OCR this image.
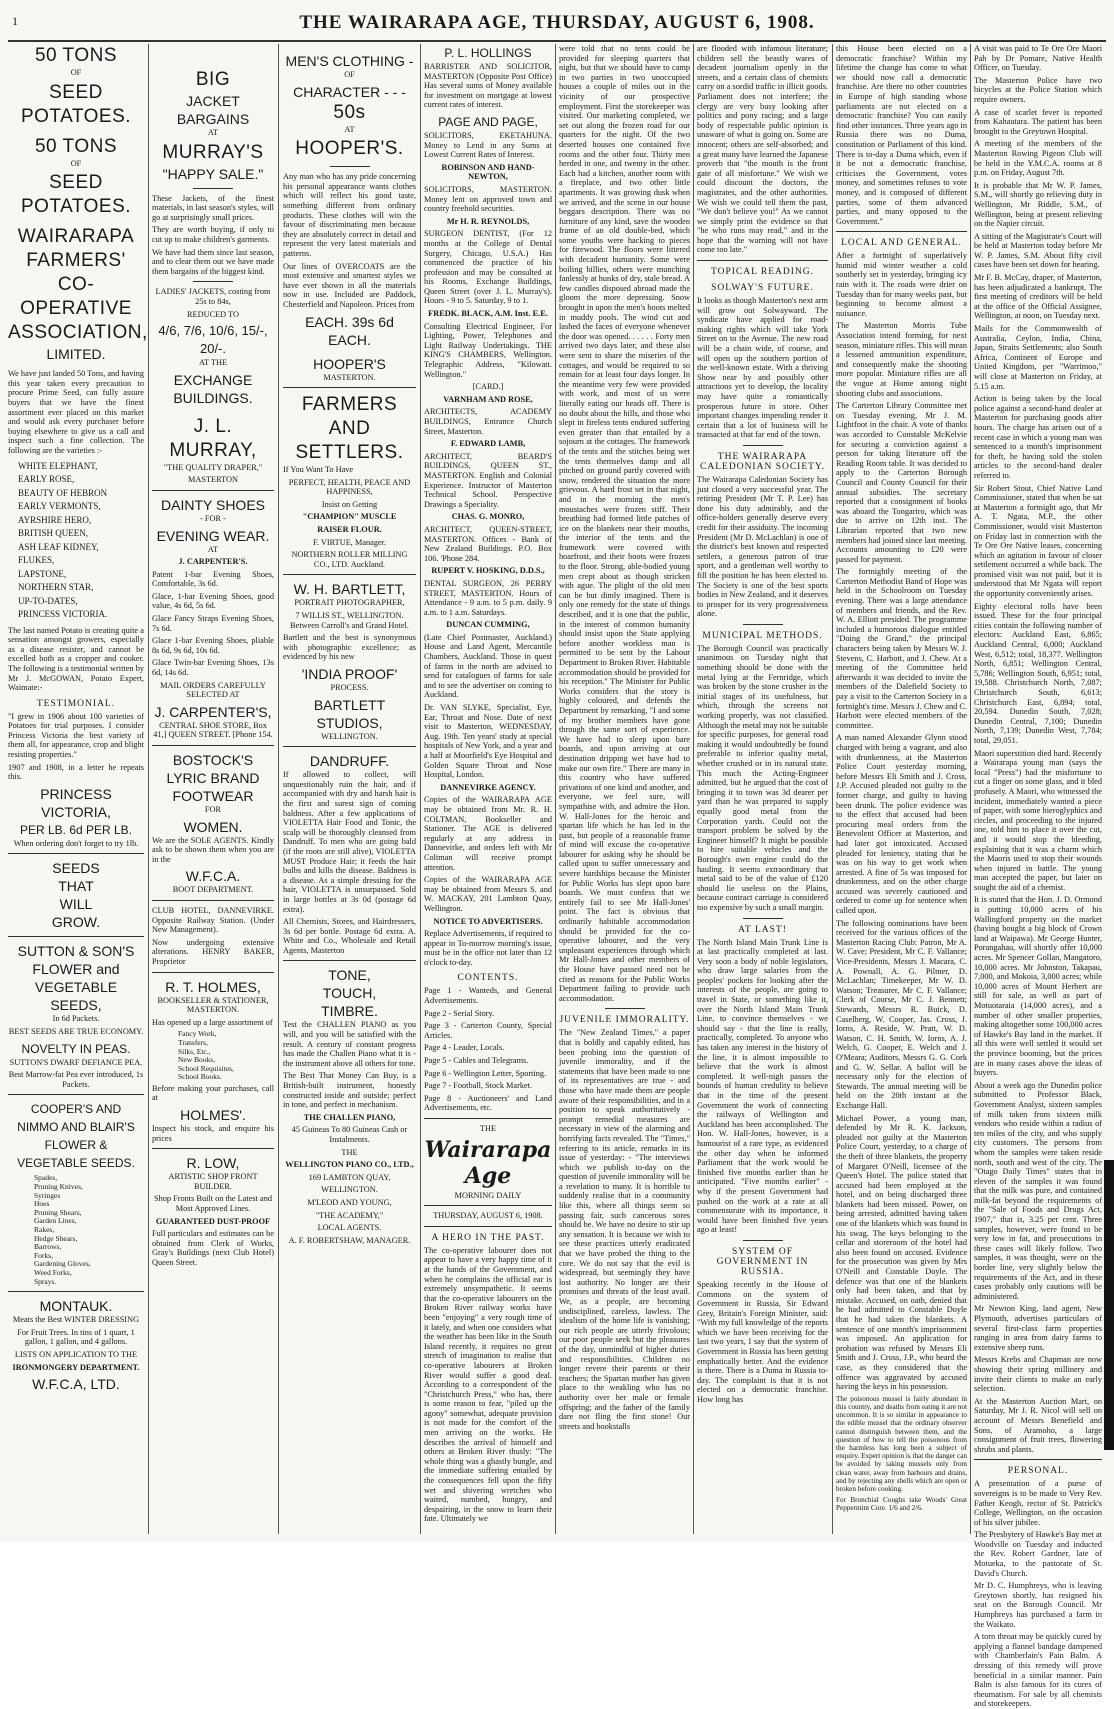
1	THE WAIRARAPA AGE, THURSDAY, AUGUST 6, 1908.

50 TONS

OF

SEED POTATOES.

50 TONS

OF

SEED POTATOES.

WAIRARAPA

FARMERS'

CO-OPERATIVE

ASSOCIATION,

LIMITED.

We have just landed 50 Tons, and having this year taken every precaution to procure Prime Seed, can fully assure buyers that we have the finest assortment ever placed on this market and would ask every purchaser before buying elsewhere to give us a call and inspect such a fine collection. The following are the varieties :-

WHITE ELEPHANT,
EARLY ROSE,
BEAUTY OF HEBRON
EARLY VERMONTS,
AYRSHIRE HERO,
BRITISH QUEEN,
ASH LEAF KIDNEY,
FLUKES,
LAPSTONE,
NORTHERN STAR,
UP-TO-DATES,
PRINCESS VICTORIA.

The last named Potato is creating quite a sensation amongst growers, especially as a disease resister, and cannot be excelled both as a cropper and cooker. The following is a testimonial written by Mr J. McGOWAN, Potato Expert, Waimate:-

TESTIMONIAL.

"I grew in 1906 about 100 varieties of Potatoes for trial purposes. I consider Princess Victoria the best variety of them all, for appearance, crop and blight resisting properties."

1907 and 1908, in a letter he repeats this.

PRINCESS VICTORIA,

PER LB. 6d PER LB.

When ordering don't forget to try 1lb.

SEEDS

THAT

WILL

GROW.

SUTTON & SON'S

FLOWER and

VEGETABLE SEEDS,

In 6d Packets.

BEST SEEDS ARE TRUE ECONOMY.

NOVELTY IN PEAS.

SUTTON'S DWARF DEFIANCE PEA.

Best Marrow-fat Pea ever introduced, 1s Packets.

COOPER'S AND

NIMMO AND BLAIR'S

FLOWER &

VEGETABLE SEEDS.

Spades,
Pruning Knives,
Syringes
Hoes
Pruning Shears,
Garden Lines,
Rakes,
Hedge Shears,
Barrows,
Forks,
Gardening Gloves,
Weed Forks,
Sprays.

MONTAUK.

Meats the Best WINTER DRESSING

For Fruit Trees. In tins of 1 quart, 1 gallon, 1 gallon, and 4 gallons.

LISTS ON APPLICATION TO THE

IRONMONGERY DEPARTMENT.

W.F.C.A, LTD.

BIG

JACKET BARGAINS

AT

MURRAY'S

"HAPPY SALE."

These Jackets, of the finest materials, in last season's styles, will go at surprisingly small prices.

They are worth buying, if only to cut up to make children's garments.

We have had them since last season, and to clear them out we have made them bargains of the biggest kind.

LADIES' JACKETS, costing from 25s to 84s,

REDUCED TO

4/6, 7/6, 10/6, 15/-, 20/-.

AT THE

EXCHANGE

BUILDINGS.

J. L. MURRAY,

"THE QUALITY DRAPER,"

MASTERTON

DAINTY SHOES

- FOR -

EVENING WEAR.

AT

J. CARPENTER'S.

Patent 1-bar Evening Shoes, Comfortable, 3s 6d.

Glace, 1-bar Evening Shoes, good value, 4s 6d, 5s 6d.

Glace Fancy Straps Evening Shoes, 7s 6d.

Glace 1-bar Evening Shoes, pliable 8s 6d, 9s 6d, 10s 6d.

Glace Twin-bar Evening Shoes, 13s 6d, 14s 6d.

MAIL ORDERS CAREFULLY SELECTED AT

J. CARPENTER'S,

CENTRAL SHOE STORE, Box 41,] QUEEN STREET. [Phone 154.

BOSTOCK'S

LYRIC BRAND

FOOTWEAR

FOR

WOMEN.

We are the SOLE AGENTS. Kindly ask to be shown them when you are in the

W.F.C.A.

BOOT DEPARTMENT.

CLUB HOTEL, DANNEVIRKE. Opposite Railway Station. (Under New Management).

Now undergoing extensive alterations. HENRY BAKER, Proprietor

R. T. HOLMES,

BOOKSELLER & STATIONER, MASTERTON.

Has opened up a large assortment of

Fancy Work,
Transfers,
Silks, Etc.,
New Books,
School Requisites,
School Books.

Before making your purchases, call at

HOLMES'.

Inspect his stock, and enquire his prices

R. LOW,

ARTISTIC SHOP FRONT BUILDER.

Shop Fronts Built on the Latest and Most Approved Lines.

GUARANTEED DUST-PROOF

Full particulars and estimates can be obtained from Clerk of Works, Gray's Buildings (next Club Hotel) Queen Street.

MEN'S CLOTHING -

OF

CHARACTER - - -

50s

AT

HOOPER'S.

Any man who has any pride concerning his personal appearance wants clothes which will reflect his good taste, something different from ordinary products. These clothes will win the favour of discriminating men because they are absolutely correct in detail and represent the very latest materials and patterns.

Our lines of OVERCOATS are the most extensive and smartest styles we have ever shown in all the materials now in use. Included are Paddock, Chesterfield and Napoleon. Prices from

EACH. 39s 6d EACH.

HOOPER'S

MASTERTON.

FARMERS AND

SETTLERS.

If You Want To Have

PERFECT, HEALTH, PEACE AND HAPPINESS,

Insist on Getting

"CHAMPION" MUSCLE

RAISER FLOUR.

F. VIRTUE, Manager.

NORTHERN ROLLER MILLING CO., LTD. Auckland.

W. H. BARTLETT,

PORTRAIT PHOTOGRAPHER,

7 WILLIS ST., WELLINGTON. Between Carroll's and Grand Hotel.

Bartlett and the best is synonymous with photographic excellence; as evidenced by his new

'INDIA PROOF'

PROCESS.

BARTLETT

STUDIOS,

WELLINGTON.

DANDRUFF.

If allowed to collect, will unquestionably ruin the hair, and if accompanied with dry and harsh hair is the first and surest sign of coming baldness. After a few applications of VIOLETTA Hair Food and Tonic, the scalp will be thoroughly cleansed from Dandruff. To men who are going bald (if the roots are still alive), VIOLETTA MUST Produce Hair; it feeds the hair bulbs and kills the disease. Baldness is a disease. As a simple dressing for the hair, VIOLETTA is unsurpassed. Sold in large bottles at 3s 0d (postage 6d extra).

All Chemists, Stores, and Hairdressers, 3s 6d per bottle. Postage 6d extra. A. White and Co., Wholesale and Retail Agents, Masterton

TONE,

TOUCH,

TIMBRE.

Test the CHALLEN PIANO as you will, and you will be satisfied with the result. A century of constant progress has made the Challen Piano what it is - the instrument above all others for tone.

The Best That Money Can Buy, is a British-built instrument, honestly constructed inside and outside; perfect in tone, and perfect in mechanism.

THE CHALLEN PIANO,

45 Guineas To 80 Guineas Cash or Instalments.

THE

WELLINGTON PIANO CO., LTD.,

169 LAMBTON QUAY,

WELLINGTON.

M'LEOD AND YOUNG,

"THE ACADEMY,"

LOCAL AGENTS.

A. F. ROBERTSHAW, MANAGER.

P. L. HOLLINGS

BARRISTER AND SOLICITOR, MASTERTON (Opposite Post Office) Has several sums of Money available for investment on mortgage at lowest current rates of interest.

PAGE AND PAGE,

SOLICITORS, EKETAHUNA. Money to Lend in any Sums at Lowest Current Rates of Interest.

ROBINSON AND HAND-NEWTON,

SOLICITORS, MASTERTON. Money lent on approved town and country freehold securities.

Mr H. R. REYNOLDS,

SURGEON DENTIST, (For 12 months at the College of Dental Surgery, Chicago, U.S.A.) Has commenced the practice of his profession and may be consulted at his Rooms, Exchange Buildings, Queen Street (over J. L. Murray's). Hours - 9 to 5. Saturday, 9 to 1.

FREDK. BLACK, A.M. Inst. E.E.

Consulting Electrical Engineer, For Lighting, Power, Telephones and Light Railway Undertakings. THE KING'S CHAMBERS, Wellington. Telegraphic Address, "Kilowatt. Wellington."

[CARD.]

VARNHAM AND ROSE,

ARCHITECTS, ACADEMY BUILDINGS, Entrance Church Street, Masterton.

F. EDWARD LAMB,

ARCHITECT, BEARD'S BUILDINGS, QUEEN ST., MASTERTON. English and Colonial Experience. Instructor of Masterton Technical School. Perspective Drawings a Speciality.

CHAS. G. MONRO,

ARCHITECT, QUEEN-STREET, MASTERTON. Offices - Bank of New Zealand Buildings. P.O. Box 106. 'Phone 284.

RUPERT V. HOSKING, D.D.S.,

DENTAL SURGEON, 26 PERRY STREET, MASTERTON. Hours of Attendance - 9 a.m. to 5 p.m. daily. 9 a.m. to 1 a.m. Saturdays.

DUNCAN CUMMING,

(Late Chief Postmaster, Auckland.) House and Land Agent, Mercantile Chambers, Auckland. Those in quest of farms in the north are advised to send for catalogues of farms for sale and to see the advertiser on coming to Auckland.

Dr. VAN SLYKE, Specialist, Eye, Ear, Throat and Nose. Date of next visit to Masterton, WEDNESDAY, Aug. 19th. Ten years' study at special hospitals of New York, and a year and a half at Moorfield's Eye Hospital and Golden Square Throat and Nose Hospital, London.

DANNEVIRKE AGENCY.

Copies of the WAIRARAPA AGE may be obtained from Mr. R. H. COLTMAN, Bookseller and Stationer. The AGE is delivered regularly at any address in Dannevirke, and orders left with Mr Coltman will receive prompt attention.

Copies of the WAIRARAPA AGE may be obtained from Messrs S. and W. MACKAY, 201 Lambton Quay, Wellington.

NOTICE TO ADVERTISERS.

Replace Advertisements, if required to appear in To-morrow morning's issue, must be in the office not later than 12 o'clock to-day.

CONTENTS.

Page 1 - Wanteds, and General Advertisements.

Page 2 - Serial Story.

Page 3 - Carterton County, Special Articles.

Page 4 - Leader, Locals.

Page 5 - Cables and Telegrams.

Page 6 - Wellington Letter, Sporting.

Page 7 - Football, Stock Market.

Page 8 - Auctioneers' and Land Advertisements, etc.

THE

Wairarapa Age

MORNING DAILY

THURSDAY, AUGUST 6, 1908.

A HERO IN THE PAST.

The co-operative labourer does not appear to have a very happy time of it at the hands of the Government, and when he complains the official ear is extremely unsympathetic. It seems that the co-operative labourers on the Broken River railway works have been "enjoying" a very rough time of it lately, and when one considers what the weather has been like in the South Island recently, it requires no great stretch of imagination to realise that co-operative labourers at Broken River would suffer a good deal. According to a correspondent of the "Christchurch Press," who has, there is some reason to fear, "piled up the agony" somewhat, adequate provision is not made for the comfort of the men arriving on the works. He describes the arrival of himself and others at Broken River thusly: "The whole thing was a ghastly bungle, and the immediate suffering entailed by the consequences fell upon the fifty wet and shivering wretches who waited, numbed, hungry, and despairing, in the snow to learn their fate. Ultimately we

were told that no tents could be provided for sleeping quarters that night, but that we should have to camp in two parties in two unoccupied houses a couple of miles out in the vicinity of our prospective employment. First the storekeeper was visited. Our marketing completed, we set out along the frozen road for our quarters for the night. Of the two deserted houses one contained five rooms and the other four. Thirty men herded in one, and twenty in the other. Each had a kitchen, another room with a fireplace, and two other little apartments. It was growing dusk when we arrived, and the scene in our house beggars description. There was no furniture of any kind, save the wooden frame of an old double-bed, which some youths were hacking to pieces for firewood. The floors were littered with decadent humanity. Some were boiling billies, others were munching fanlessly at hunks of dry, stale bread. A few candles disposed abroad made the gloom the more depressing. Snow brought in upon the men's boots melted in muddy pools. The wind cut and lashed the faces of everyone whenever the door was opened. . . . . . Forty men arrived two days later, and these also were sent to share the miseries of the cottages, and would be required to so remain for at least four days longer. In the meantime very few were provided with work, and most of us were literally eating our heads off. There is no doubt about the hills, and those who slept in fireless tents endured suffering even greater than that entailed by a sojourn at the cottages. The framework of the tents and the stitches being wet the tents themselves damp and all pitched on ground partly covered with snow, rendered the situation the more grievous. A hard frost set in that night, and in the morning the men's moustaches were frozen stiff. Their breathing had formed little patches of ice on the blankets near their mouths, the interior of the tents and the framework were covered with hoarfrost, and their boots were frozen to the floor. Strong, able-bodied young men crept about as though stricken with ague. The plight of the old men can be but dimly imagined. There is only one remedy for the state of things described, and it is one that the public, in the interest of common humanity should insist upon the State applying before another workless man is permitted to be sent by the Labour Department to Broken River. Habitable accommodation should be provided for his reception." The Minister for Public Works considers that the story is highly coloured, and defends the Department by remarking, "I and some of my brother members have gone through the same sort of experience. We have had to sleep upon bare boards, and upon arriving at our destination dripping wet have had to make our own fire." There are many in this country who have suffered privations of one kind and another, and everyone, we feel sure, will sympathise with, and admire the Hon. W. Hall-Jones for the heroic and spartan life which he has led in the past, but people of a reasonable frame of mind will excuse the co-operative labourer for asking why he should be called upon to suffer unnecessary and severe hardships because the Minister for Public Works has slept upon bare boards. We must confess that we entirely fail to see Mr Hall-Jones' point. The fact is obvious that ordinarily habitable accommodation should be provided for the co-operative labourer, and the very unpleasant experiences through which Mr Hall-Jones and other members of the House have passed need not be cited as reasons for the Public Works Department failing to provide such accommodation.

JUVENILE IMMORALITY.

The "New Zealand Times," a paper that is boldly and capably edited, has been probing into the question of juvenile immorality, and if the statements that have been made to one of its representatives are true - and those who have made them are people aware of their responsibilities, and in a position to speak authoritatively - prompt remedial measures are necessary in view of the alarming and horrifying facts revealed. The "Times," referring to its article, remarks in its issue of yesterday: - "The interviews which we publish to-day on the question of juvenile immorality will be a revelation to many. It is horrible to suddenly realise that in a community like this, where all things seem so passing fair, such cancerous sores should be. We have no desire to stir up any sensation. It is because we wish to see these practices utterly eradicated that we have probed the thing to the core. We do not say that the evil is widespread, but seemingly they have lost authority. No longer are their promises and threats of the least avail. We, as a people, are becoming undisciplined, careless, lawless. The idealism of the home life is vanishing; our rich people are utterly frivolous; our poor people seek but the pleasures of the day, unmindful of higher duties and responsibilities. Children no longer revere their parents or their teachers; the Spartan mother has given place to the weakling who has no authority over her male or female offspring; and the father of the family dare not fling the first stone! Our streets and bookstalls

are flooded with infamous literature; children sell the beastly wares of decadent journalism openly in the streets, and a certain class of chemists carry on a sordid traffic in illicit goods. Parliament does not interfere; the clergy are very busy looking after politics and pony racing; and a large body of respectable public opinion is unaware of what is going on. Some are innocent; others are self-absorbed; and a great many have learned the Japanese proverb that "the mouth is the front gate of all misfortune." We wish we could discount the doctors, the magistrates, and the other authorities. We wish we could tell them the past, "We don't believe you!" As we cannot we simply print the evidence so that "he who runs may read," and in the hope that the warning will not have come too late."

TOPICAL READING.

SOLWAY'S FUTURE.

It looks as though Masterton's next arm will grow out Solwayward. The syndicate have applied for road-making rights which will take York Street on to the Avenue. The new road will be a chain wide, of course, and will open up the southern portion of the well-known estate. With a thriving Show near by and possibly other attractions yet to develop, the locality may have quite a romantically prosperous future in store. Other important changes impending render it certain that a lot of business will be transacted at that far end of the town.

THE WAIRARAPA CALEDONIAN SOCIETY.

The Wairarapa Caledonian Society has just closed a very successful year. The retiring President (Mr T. P. Lee) has done his duty admirably, and the office-holders generally deserve every credit for their assiduity. The incoming President (Mr D. McLachlan) is one of the district's best known and respected settlers, a generous patron of true sport, and a gentleman well worthy to fill the position he has been elected to. The Society is one of the best sports bodies in New Zealand, and it deserves to prosper for its very progressiveness alone.

MUNICIPAL METHODS.

The Borough Council was practically unanimous on Tuesday night that something should be done with the metal lying at the Fernridge, which was broken by the stone crusher in the initial stages of its usefulness, but which, through the screens not working properly, was not classified. Although the metal may not be suitable for specific purposes, for general road making it would undoubtedly be found preferable to inferior quality metal, whether crushed or in its natural state. This much the Acting-Engineer admitted, but he argued that the cost of bringing it to town was 3d dearer per yard than he was prepared to supply equally good metal from the Corporation yards. Could not the transport problem be solved by the Engineer himself? It might be possible to hire suitable vehicles and the Borough's own engine could do the hauling. It seems extraordinary that metal said to be of the value of £120 should lie useless on the Plains, because contract carriage is considered too expensive by such a small margin.

AT LAST!

The North Island Main Trunk Line is at last practically completed at last. Very soon a body of noble legislators, who draw large salaries from the peoples' pockets for looking after the interests of the people, are going to travel in State, or something like it, over the North Island Main Trunk Line, to convince themselves - we should say - that the line is really, practically, completed. To anyone who has taken any interest in the history of the line, it is almost impossible to believe that the work is almost completed. It well-nigh passes the bounds of human credulity to believe that in the time of the present Government the work of connecting the railways of Wellington and Auckland has been accomplished. The Hon. W. Hall-Jones, however, is a humourist of a rare type, as evidenced the other day when he informed Parliament that the work would be finished five months earlier than he anticipated. "Five months earlier" - why if the present Government had pushed on the work at a rate at all commensurate with its importance, it would have been finished five years ago at least!

SYSTEM OF GOVERNMENT IN RUSSIA.

Speaking recently in the House of Commons on the system of Government in Russia, Sir Edward Grey, Britain's Foreign Minister, said: "With my full knowledge of the reports which we have been receiving for the last two years, I say that the system of Government in Russia has been getting emphatically better. And the evidence is there. There is a Duma in Russia to-day. The complaint is that it is not elected on a democratic franchise. How long has

this House been elected on a democratic franchise? Within my lifetime the change has come to what we should now call a democratic franchise. Are there no other countries in Europe of high standing whose parliaments are not elected on a democratic franchise? You can easily find other instances. Three years ago in Russia there was no Duma, constitution or Parliament of this kind. There is to-day a Duma which, even if it be not a democratic franchise, criticises the Government, votes money, and sometimes refuses to vote money, and is composed of different parties, some of them advanced parties, and many opposed to the Government."

LOCAL AND GENERAL.

After a fortnight of superlatively humid mid winter weather a cold southerly set in yesterday, bringing icy rain with it. The roads were drier on Tuesday than for many weeks past, but beginning to become almost a nuisance.

The Masterton Morris Tube Association intend forming, for next season, miniature rifles. This will mean a lessened ammunition expenditure, and consequently make the shooting more popular. Miniature rifles are all the vogue at Home among night shooting clubs and associations.

The Carterton Library Committee met on Tuesday evening, Mr J. M. Lightfoot in the chair. A vote of thanks was accorded to Constable McKelvie for securing a conviction against a person for taking literature off the Reading Room table. It was decided to apply to the Carterton Borough Council and County Council for their annual subsidies. The secretary reported that a consignment of books was aboard the Tongariro, which was due to arrive on 12th inst. The Librarian reported that two new members had joined since last meeting. Accounts amounting to £20 were passed for payment.

The fortnightly meeting of the Carterton Methodist Band of Hope was held in the Schoolroom on Tuesday evening. There was a large attendance of members and friends, and the Rev. W. A. Elliott presided. The programme included a humorous dialogue entitled "Doing the Grand," the principal characters being taken by Messrs W. J. Stevens, C. Harbott, and J. Chew. At a meeting of the Committee held afterwards it was decided to invite the members of the Dalefield Society to pay a visit to the Carterton Society in a fortnight's time. Messrs J. Chew and C. Harbott were elected members of the committee.

A man named Alexander Glynn stood charged with being a vagrant, and also with drunkenness, at the Masterton Police Court yesterday morning, before Messrs Eli Smith and J. Cross, J.P. Accused pleaded not guilty to the former charge, and guilty to having been drunk. The police evidence was to the effect that accused had been procuring meal orders from the Benevolent Officer at Masterton, and had later got intoxicated. Accused pleaded for leniency, stating that he was on his way to get work when arrested. A fine of 5s was imposed for drunkenness, and on the other charge accused was severely cautioned and ordered to come up for sentence when called upon.

The following nominations have been received for the various offices of the Masterton Racing Club: Patron, Mr A. W. Cave; President, Mr C. F. Vallance; Vice-Presidents, Messrs J. Macara, C. A. Pownall, A. G. Pilmer, D. McLachlan; Timekeeper, Mr W. D. Watson; Treasurer, Mr C. F. Vallance; Clerk of Course, Mr C. J. Bennett; Stewards, Messrs R. Buick, D. Caselberg, W. Cooper, Jas. Cross, J. Iorns, A. Reside, W. Pratt, W. D. Watson, C. H. Smith, W. Iorns, A. J. Welch, G. Cooper, E. Welch and J. O'Meara; Auditors, Messrs G. G. Cork and G. W. Sellar. A ballot will be necessary only for the election of Stewards. The annual meeting will be held on the 20th instant at the Exchange Hall.

Michael Power, a young man, defended by Mr R. K. Jackson, pleaded not guilty at the Masterton Police Court, yesterday, to a charge of the theft of three blankets, the property of Margaret O'Neill, licensee of the Queen's Hotel. The police stated that accused had been employed at the hotel, and on being discharged three blankets had been missed. Power, on being arrested, admitted having taken one of the blankets which was found in his swag. The keys belonging to the cellar and storeroom of the hotel had also been found on accused. Evidence for the prosecution was given by Mrs O'Neill and Constable Doyle. The defence was that one of the blankets only had been taken, and that by mistake. Accused, on oath, denied that he had admitted to Constable Doyle that he had taken the blankets. A sentence of one month's imprisonment was imposed. An application for probation was refused by Messrs Eli Smith and J. Cross, J.P., who heard the case, as they considered that the offence was aggravated by accused having the keys in his possession.

The poisonous mussel is fairly abundant in this country, and deaths from eating it are not uncommon. It is so similar in appearance to the edible mussel that the ordinary observer cannot distinguish between them, and the question of how to tell the poisonous from the harmless has long been a subject of enquiry. Expert opinion is that the danger can be avoided by taking mussels only from clean water, away from harbours and drains, and by rejecting any shells which are open or broken before cooking.

For Bronchial Coughs take Woods' Great Peppermint Cure. 1/6 and 2/6.

A visit was paid to Te Ore Ore Maori Pah by Dr Pomare, Native Health Officer, on Tuesday.

The Masterton Police have two bicycles at the Police Station which require owners.

A case of scarlet fever is reported from Kahautara. The patient has been brought to the Greytown Hospital.

A meeting of the members of the Masterton Rowing Pigeon Club will be held in the Y.M.C.A. rooms at 8 p.m. on Friday, August 7th.

It is probable that Mr W. P. James, S.M., will shortly go relieving duty in Wellington, Mr Riddle, S.M., of Wellington, being at present relieving on the Napier circuit.

A sitting of the Magistrate's Court will be held at Masterton today before Mr W. P. James, S.M. About fifty civil cases have been set down for hearing.

Mr F. B. McCay, draper, of Masterton, has been adjudicated a bankrupt. The first meeting of creditors will be held at the office of the Official Assignee, Wellington, at noon, on Tuesday next.

Mails for the Commonwealth of Australia, Ceylon, India, China, Japan, Straits Settlements; also South Africa, Continent of Europe and United Kingdom, per "Warrimoo," will close at Masterton on Friday, at 5.15 a.m.

Action is being taken by the local police against a second-hand dealer at Masterton for purchasing goods after hours. The charge has arisen out of a recent case in which a young man was sentenced to a month's imprisonment for theft, he having sold the stolen articles to the second-hand dealer referred to.

Sir Robert Stout, Chief Native Land Commissioner, stated that when he sat at Masterton a fortnight ago, that Mr A. T. Ngata, M.P., the other Commissioner, would visit Masterton on Friday last in connection with the Te Ore Ore Native leases, concerning which an agitation in favour of closer settlement occurred a while back. The promised visit was not paid, but it is understood that Mr Ngata will report the opportunity conveniently arises.

Eighty electoral rolls have been issued. These for the four principal cities contain the following number of electors: Auckland East, 6,865; Auckland Central, 6,000; Auckland West, 6,512; total, 18,377. Wellington North, 6,851; Wellington Central, 5,786; Wellington South, 6,951; total, 19,588. Christchurch North, 7,087; Christchurch South, 6,613; Christchurch East, 6,894; total, 20,594. Dunedin South, 7,028; Dunedin Central, 7,100; Dunedin North, 7,139; Dunedin West, 7,784; total, 29,051.

Maori superstition died hard. Recently a Wairarapa young man (says the local "Press") had the misfortune to cut a finger on some glass, and it bled profusely. A Maori, who witnessed the incident, immediately wanted a piece of paper, with some hieroglyphics and circles, and proceeding to the injured one, told him to place it over the cut, and it would stop the bleeding, explaining that it was a charm which the Maoris used to stop their wounds when injured in battle. The young man accepted the paper, but later on sought the aid of a chemist.

It is stated that the Hon. J. D. Ormond is putting 10,000 acres of his Wallingford property on the market (having bought a big block of Crown land at Waipawa). Mr George Hunter, Porangahau, will shortly offer 10,000 acres. Mr Spencer Gollan, Mangatoro, 10,000 acres. Mr Johnston, Takapau, 7,000, and Mokoia, 3,000 acres; while 10,000 acres of Mount Herbert are still for sale, as well as part of Motuotaraia (14,000 acres), and a number of other smaller properties, making altogether some 100,000 acres of Hawke's Bay land in the market. If all this were well settled it would set the province booming, but the prices are in many cases above the ideas of buyers.

About a week ago the Dunedin police submitted to Professor Black, Government Analyst, sixteen samples of milk taken from sixteen milk vendors who reside within a radius of ten miles of the city, and who supply city customers. The persons from whom the samples were taken reside north, south and west of the city. The "Otago Daily Times" states that in eleven of the samples it was found that the milk was pure, and contained milk-fat beyond the requirements of the "Sale of Foods and Drugs Act, 1907," that is, 3.25 per cent. Three samples, however, were found to be very low in fat, and prosecutions in these cases will likely follow. Two samples, it was thought, were on the border line, very slightly below the requirements of the Act, and in these cases probably only cautions will be administered.

Mr Newton King, land agent, New Plymouth, advertises particulars of several first-class farm properties ranging in area from dairy farms to extensive sheep runs.

Messrs Krebs and Chapman are now showing their spring millinery and invite their clients to make an early selection.

At the Masterton Auction Mart, on Saturday, Mr J. R. Nicol will sell on account of Messrs Benefield and Sons, of Aramoho, a large consignment of fruit trees, flowering shrubs and plants.

PERSONAL.

A presentation of a purse of sovereigns is to be made to Very Rev. Father Keogh, rector of St. Patrick's College, Wellington, on the occasion of his silver jubilee.

The Presbytery of Hawke's Bay met at Woodville on Tuesday and inducted the Rev. Robert Gardner, late of Motueka, to the pastorate of St. David's Church.

Mr D. C. Humphreys, who is leaving Greytown shortly, has resigned his seat on the Borough Council. Mr Humphreys has purchased a farm in the Waikato.

A torn throat may be quickly cured by applying a flannel bandage dampened with Chamberlain's Pain Balm. A dressing of this remedy will prove beneficial in a similar manner. Pain Balm is also famous for its cures of rheumatism. For sale by all chemists and storekeepers.
